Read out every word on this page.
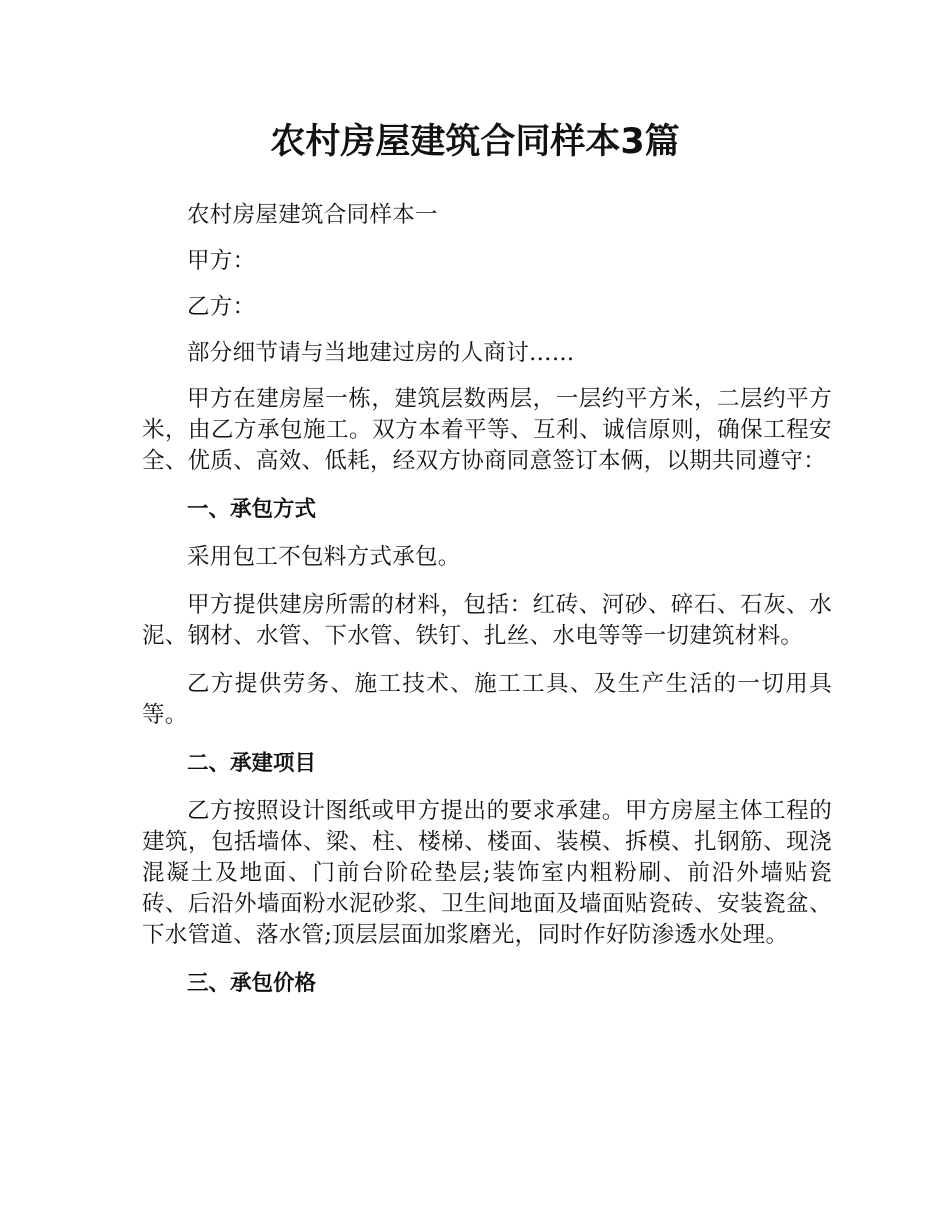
农村房屋建筑合同样本3篇

农村房屋建筑合同样本一

甲方：

乙方：

部分细节请与当地建过房的人商讨……

甲方在建房屋一栋，建筑层数两层，一层约平方米，二层约平方米，由乙方承包施工。双方本着平等、互利、诚信原则，确保工程安全、优质、高效、低耗，经双方协商同意签订本俩，以期共同遵守：

一、承包方式

采用包工不包料方式承包。

甲方提供建房所需的材料，包括：红砖、河砂、碎石、石灰、水泥、钢材、水管、下水管、铁钉、扎丝、水电等等一切建筑材料。

乙方提供劳务、施工技术、施工工具、及生产生活的一切用具等。

二、承建项目

乙方按照设计图纸或甲方提出的要求承建。甲方房屋主体工程的建筑，包括墙体、梁、柱、楼梯、楼面、装模、拆模、扎钢筋、现浇混凝土及地面、门前台阶砼垫层;装饰室内粗粉刷、前沿外墙贴瓷砖、后沿外墙面粉水泥砂浆、卫生间地面及墙面贴瓷砖、安装瓷盆、下水管道、落水管;顶层层面加浆磨光，同时作好防渗透水处理。

三、承包价格
